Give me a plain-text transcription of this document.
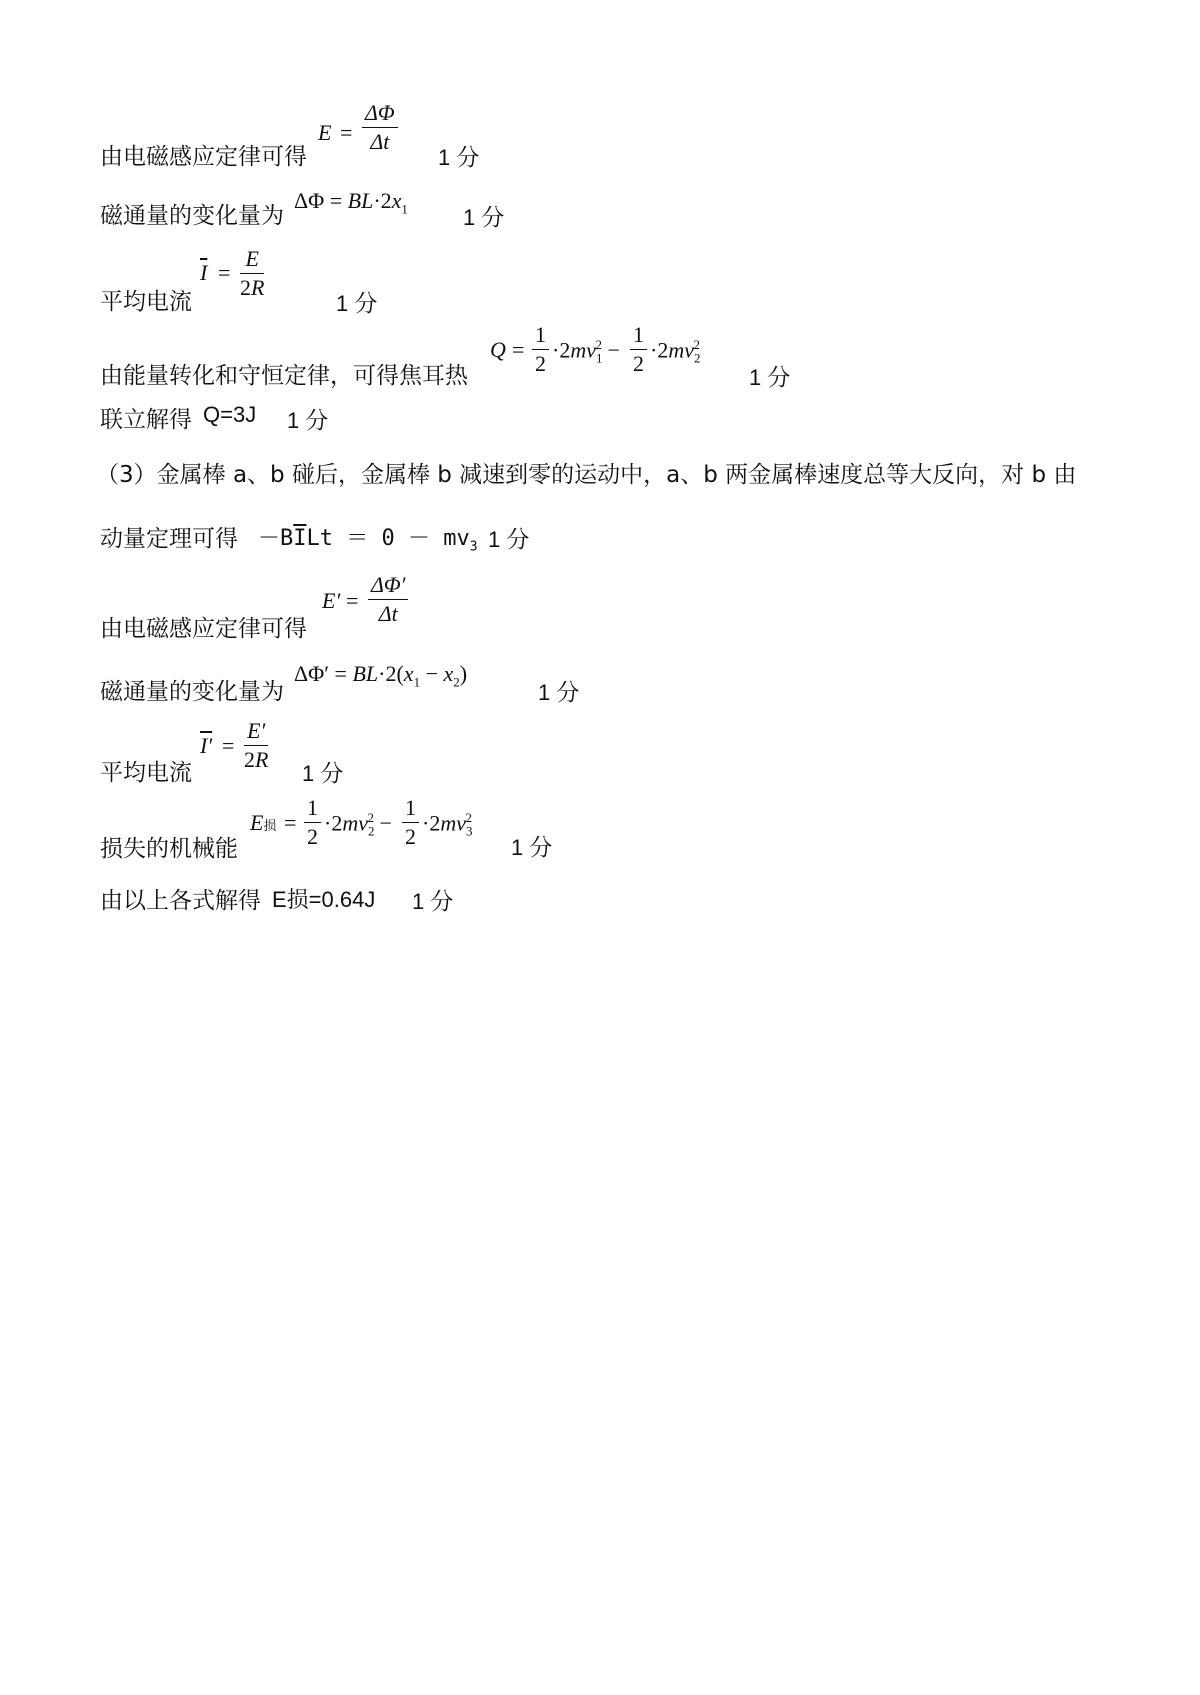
由电磁感应定律可得
$E = \frac{\Delta\Phi}{\Delta t}$
1 分
磁通量的变化量为
$\Delta\Phi = BL\cdot 2x_1$	1 分
平均电流
$\overline{I} = \frac{E}{2R}$
1 分
由能量转化和守恒定律，可得焦耳热
$Q = \frac{1}{2} \cdot 2mv_1^2 - \frac{1}{2} \cdot 2mv_2^2$
1 分
联立解得 Q=3J 1 分
（3）金属棒 a、b 碰后，金属棒 b 减速到零的运动中，a、b 两金属棒速度总等大反向，对 b 由
动量定理可得 $-B\overline{I}Lt = 0 - mv_3$ 1 分
由电磁感应定律可得
$E' = \frac{\Delta\Phi'}{\Delta t}$
磁通量的变化量为
$\Delta\Phi' = BL\cdot 2(x_1 - x_2)$
1 分
平均电流
$I' = \frac{E'}{2R}$
1 分
损失的机械能
E损 = $\frac{1}{2} \cdot 2mv_2^2 - \frac{1}{2} \cdot 2mv_3^2$
1 分
由以上各式解得 E损=0.64J 1 分
